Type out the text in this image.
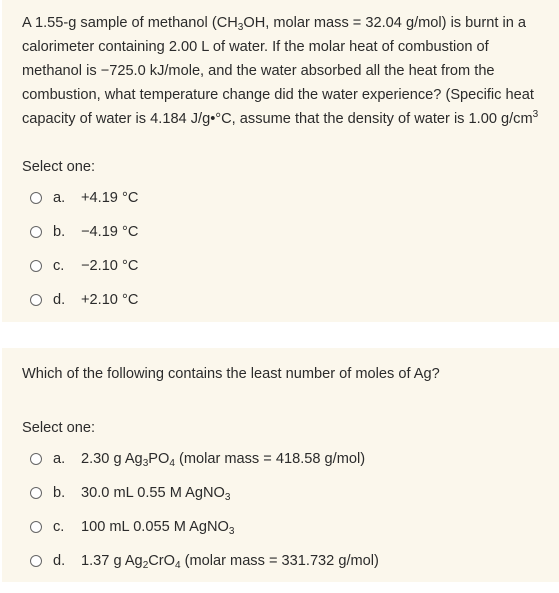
A 1.55-g sample of methanol ($CH_3OH$, molar mass = 32.04 g/mol) is burnt in a
calorimeter containing 2.00 L of water. If the molar heat of combustion of
methanol is −725.0 kJ/mole, and the water absorbed all the heat from the
combustion, what temperature change did the water experience? (Specific heat
capacity of water is 4.184 J/g•°C, assume that the density of water is 1.00 $g/cm^3$

Select one:

a.	+4.19 °C
b.	−4.19 °C
c.	−2.10 °C
d.	+2.10 °C
Which of the following contains the least number of moles of Ag?

Select one:

a.	2.30 g $Ag_3PO_4$ (molar mass = 418.58 g/mol)
b.	30.0 mL 0.55 M AgNO$_3$
c.	100 mL 0.055 M AgNO$_3$
d.	1.37 g $Ag_2CrO_4$ (molar mass = 331.732 g/mol)
